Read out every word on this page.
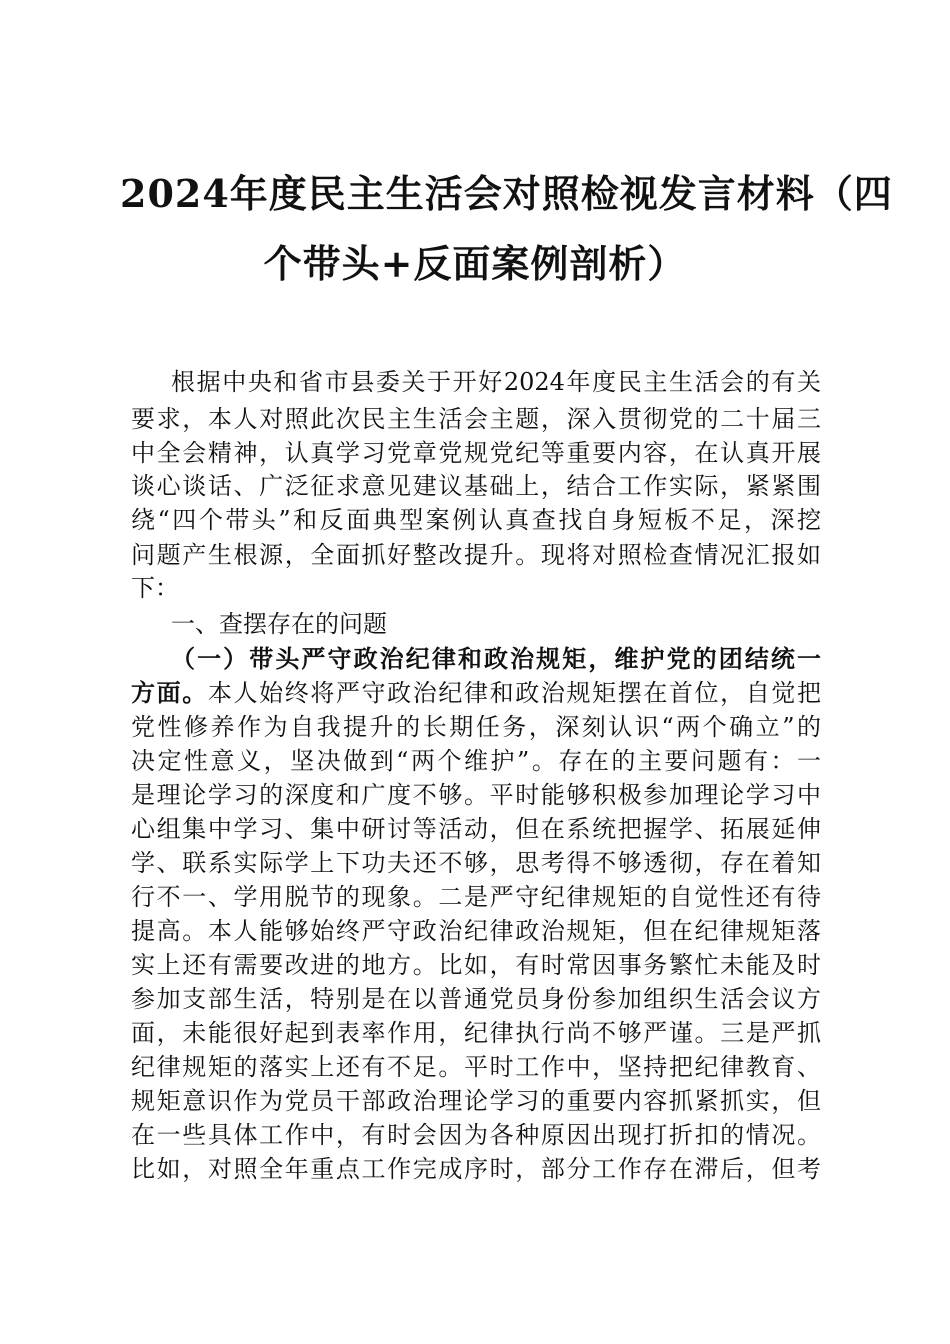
2024年度民主生活会对照检视发言材料（四
个带头+反面案例剖析）
根据中央和省市县委关于开好2024年度民主生活会的有关
要求，本人对照此次民主生活会主题，深入贯彻党的二十届三
中全会精神，认真学习党章党规党纪等重要内容，在认真开展
谈心谈话、广泛征求意见建议基础上，结合工作实际，紧紧围
绕“四个带头”和反面典型案例认真查找自身短板不足，深挖
问题产生根源，全面抓好整改提升。现将对照检查情况汇报如
下：
一、查摆存在的问题
（一）带头严守政治纪律和政治规矩，维护党的团结统一
方面。本人始终将严守政治纪律和政治规矩摆在首位，自觉把
党性修养作为自我提升的长期任务，深刻认识“两个确立”的
决定性意义，坚决做到“两个维护”。存在的主要问题有：一
是理论学习的深度和广度不够。平时能够积极参加理论学习中
心组集中学习、集中研讨等活动，但在系统把握学、拓展延伸
学、联系实际学上下功夫还不够，思考得不够透彻，存在着知
行不一、学用脱节的现象。二是严守纪律规矩的自觉性还有待
提高。本人能够始终严守政治纪律政治规矩，但在纪律规矩落
实上还有需要改进的地方。比如，有时常因事务繁忙未能及时
参加支部生活，特别是在以普通党员身份参加组织生活会议方
面，未能很好起到表率作用，纪律执行尚不够严谨。三是严抓
纪律规矩的落实上还有不足。平时工作中，坚持把纪律教育、
规矩意识作为党员干部政治理论学习的重要内容抓紧抓实，但
在一些具体工作中，有时会因为各种原因出现打折扣的情况。
比如，对照全年重点工作完成序时，部分工作存在滞后，但考
